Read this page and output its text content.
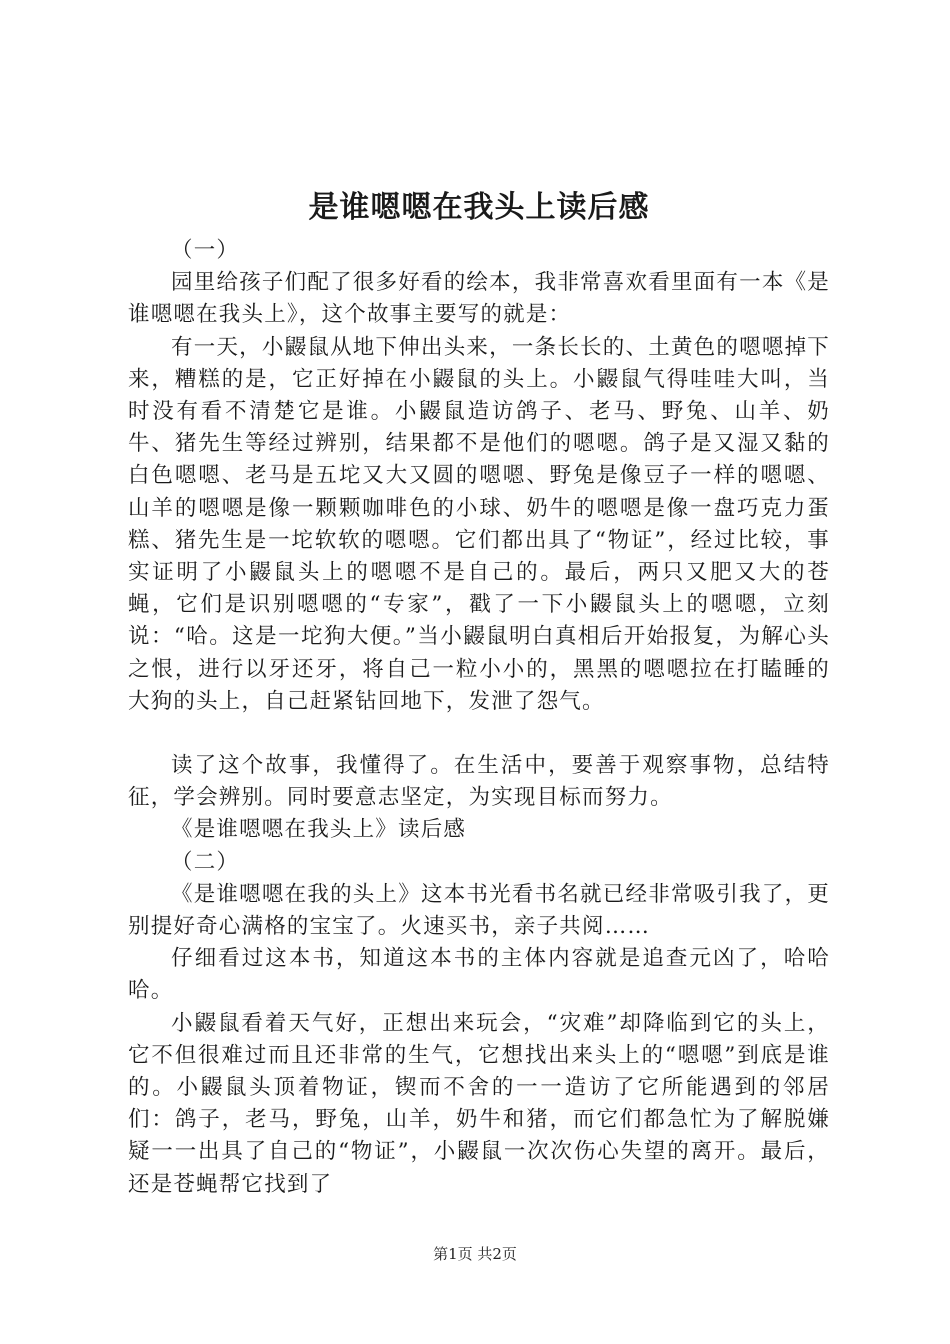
是谁嗯嗯在我头上读后感

（一）

园里给孩子们配了很多好看的绘本，我非常喜欢看里面有一本《是谁嗯嗯在我头上》，这个故事主要写的就是：

有一天，小鼹鼠从地下伸出头来，一条长长的、土黄色的嗯嗯掉下来，糟糕的是，它正好掉在小鼹鼠的头上。小鼹鼠气得哇哇大叫，当时没有看不清楚它是谁。小鼹鼠造访鸽子、老马、野兔、山羊、奶牛、猪先生等经过辨别，结果都不是他们的嗯嗯。鸽子是又湿又黏的白色嗯嗯、老马是五坨又大又圆的嗯嗯、野兔是像豆子一样的嗯嗯、山羊的嗯嗯是像一颗颗咖啡色的小球、奶牛的嗯嗯是像一盘巧克力蛋糕、猪先生是一坨软软的嗯嗯。它们都出具了“物证”，经过比较，事实证明了小鼹鼠头上的嗯嗯不是自己的。最后，两只又肥又大的苍蝇，它们是识别嗯嗯的“专家”，戳了一下小鼹鼠头上的嗯嗯，立刻说：“哈。这是一坨狗大便。”当小鼹鼠明白真相后开始报复，为解心头之恨，进行以牙还牙，将自己一粒小小的，黑黑的嗯嗯拉在打瞌睡的大狗的头上，自己赶紧钻回地下，发泄了怨气。

读了这个故事，我懂得了。在生活中，要善于观察事物，总结特征，学会辨别。同时要意志坚定，为实现目标而努力。

《是谁嗯嗯在我头上》读后感

（二）

《是谁嗯嗯在我的头上》这本书光看书名就已经非常吸引我了，更别提好奇心满格的宝宝了。火速买书，亲子共阅……

仔细看过这本书，知道这本书的主体内容就是追查元凶了，哈哈哈。

小鼹鼠看着天气好，正想出来玩会，“灾难”却降临到它的头上，它不但很难过而且还非常的生气，它想找出来头上的“嗯嗯”到底是谁的。小鼹鼠头顶着物证，锲而不舍的一一造访了它所能遇到的邻居们：鸽子，老马，野兔，山羊，奶牛和猪，而它们都急忙为了解脱嫌疑一一出具了自己的“物证”，小鼹鼠一次次伤心失望的离开。最后，还是苍蝇帮它找到了

第1页 共2页
